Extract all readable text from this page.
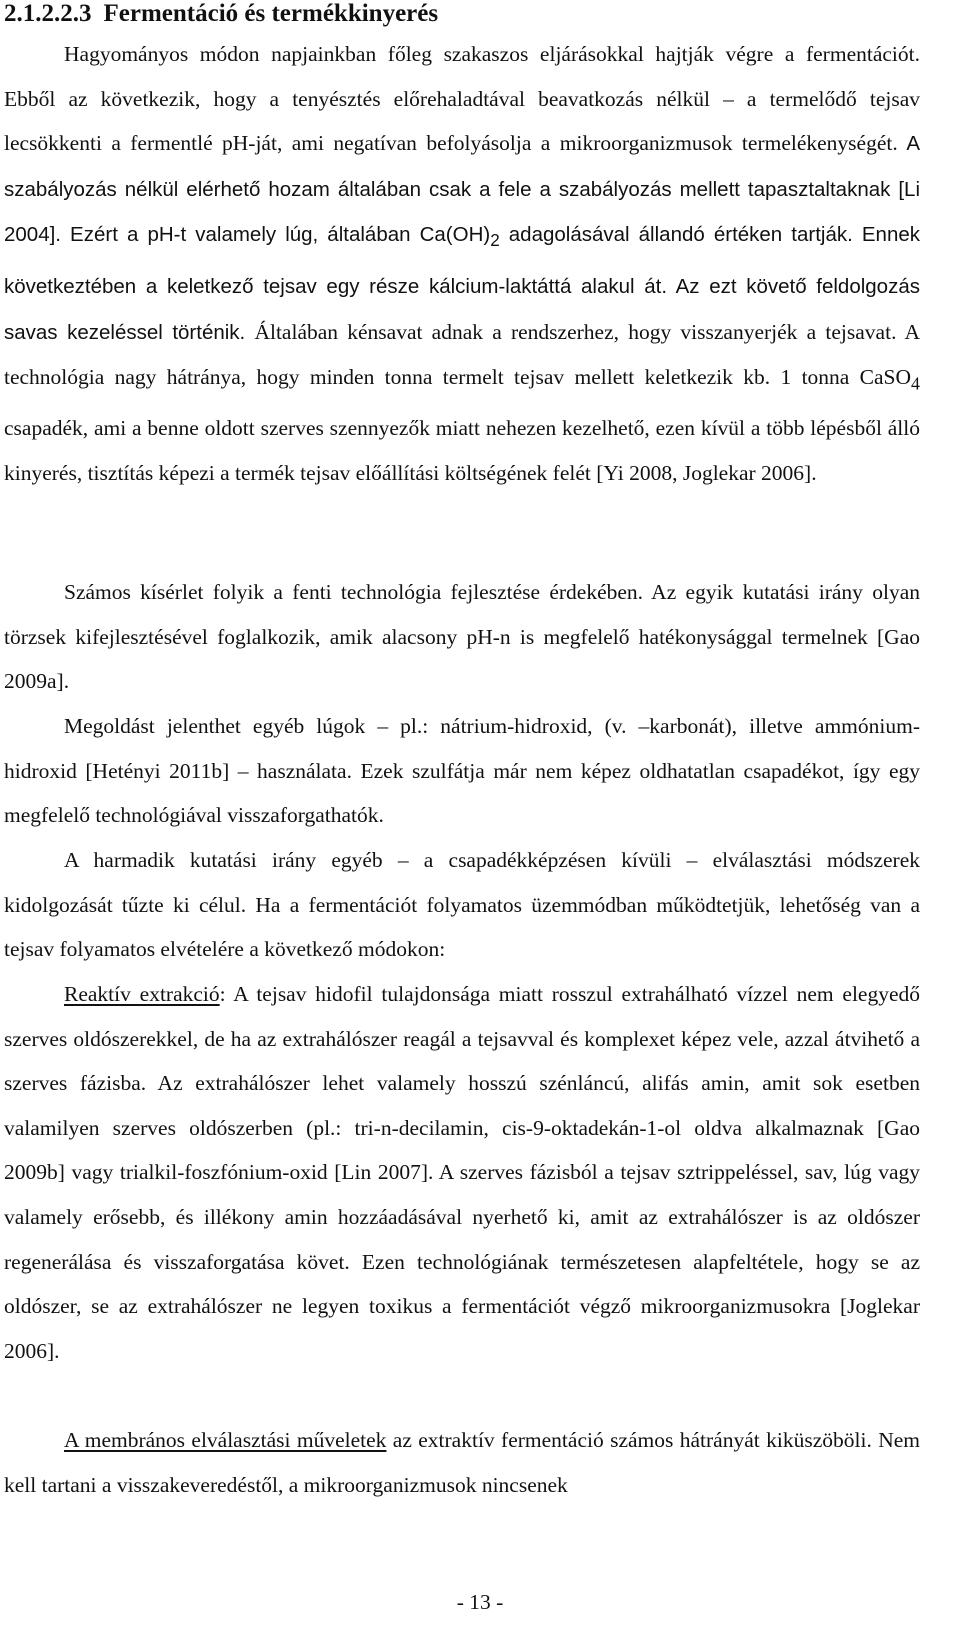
2.1.2.2.3 Fermentáció és termékkinyerés

Hagyományos módon napjainkban főleg szakaszos eljárásokkal hajtják végre a fermentációt. Ebből az következik, hogy a tenyésztés előrehaladtával beavatkozás nélkül – a termelődő tejsav lecsökkenti a fermentlé pH-ját, ami negatívan befolyásolja a mikroorganizmusok termelékenységét. A szabályozás nélkül elérhető hozam általában csak a fele a szabályozás mellett tapasztaltaknak [Li 2004]. Ezért a pH-t valamely lúg, általában $Ca(OH)_2$ adagolásával állandó értéken tartják. Ennek következtében a keletkező tejsav egy része kálcium-laktáttá alakul át. Az ezt követő feldolgozás savas kezeléssel történik. Általában kénsavat adnak a rendszerhez, hogy visszanyerjék a tejsavat. A technológia nagy hátránya, hogy minden tonna termelt tejsav mellett keletkezik kb. 1 tonna CaSO$_4$ csapadék, ami a benne oldott szerves szennyezők miatt nehezen kezelhető, ezen kívül a több lépésből álló kinyerés, tisztítás képezi a termék tejsav előállítási költségének felét [Yi 2008, Joglekar 2006].

Számos kísérlet folyik a fenti technológia fejlesztése érdekében. Az egyik kutatási irány olyan törzsek kifejlesztésével foglalkozik, amik alacsony pH-n is megfelelő hatékonysággal termelnek [Gao 2009a].

Megoldást jelenthet egyéb lúgok – pl.: nátrium-hidroxid, (v. –karbonát), illetve ammónium-hidroxid [Hetényi 2011b] – használata. Ezek szulfátja már nem képez oldhatatlan csapadékot, így egy megfelelő technológiával visszaforgathatók.

A harmadik kutatási irány egyéb – a csapadékképzésen kívüli – elválasztási módszerek kidolgozását tűzte ki célul. Ha a fermentációt folyamatos üzemmódban működtetjük, lehetőség van a tejsav folyamatos elvételére a következő módokon:

Reaktív extrakció: A tejsav hidofil tulajdonsága miatt rosszul extrahálható vízzel nem elegyedő szerves oldószerekkel, de ha az extrahálószer reagál a tejsavval és komplexet képez vele, azzal átvihető a szerves fázisba. Az extrahálószer lehet valamely hosszú szénláncú, alifás amin, amit sok esetben valamilyen szerves oldószerben (pl.: tri-n-decilamin, cis-9-oktadekán-1-ol oldva alkalmaznak [Gao 2009b] vagy trialkil-foszfónium-oxid [Lin 2007]. A szerves fázisból a tejsav sztrippeléssel, sav, lúg vagy valamely erősebb, és illékony amin hozzáadásával nyerhető ki, amit az extrahálószer is az oldószer regenerálása és visszaforgatása követ. Ezen technológiának természetesen alapfeltétele, hogy se az oldószer, se az extrahálószer ne legyen toxikus a fermentációt végző mikroorganizmusokra [Joglekar 2006].

A membrános elválasztási műveletek az extraktív fermentáció számos hátrányát kiküszöböli. Nem kell tartani a visszakeveredéstől, a mikroorganizmusok nincsenek

- 13 -
